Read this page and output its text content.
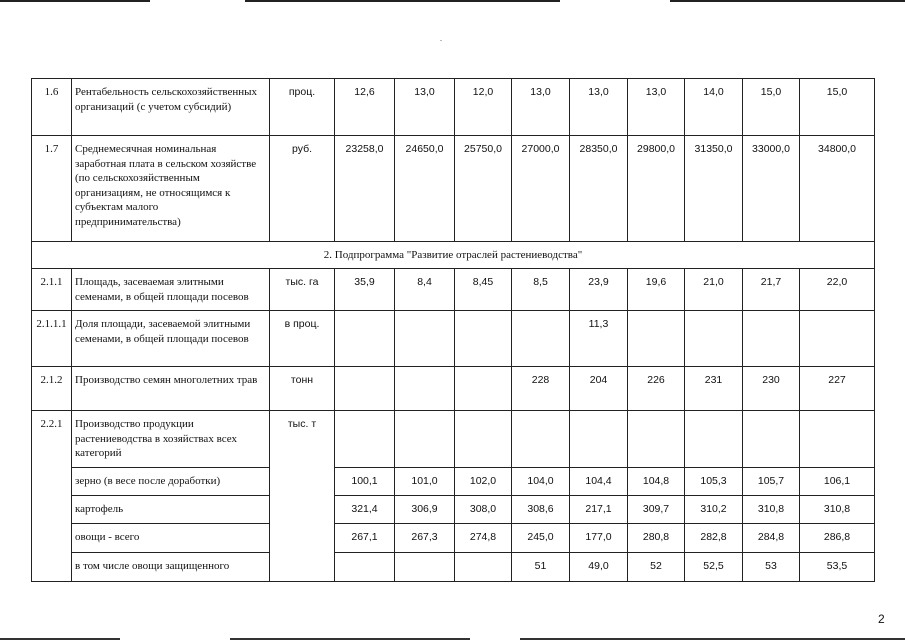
1.6	Рентабельность сельскохозяйственных организаций (с учетом субсидий)	проц.	12,6	13,0	12,0	13,0	13,0	13,0	14,0	15,0	15,0
1.7	Среднемесячная номинальная заработная плата в сельском хозяйстве (по сельскохозяйственным организациям, не относящимся к субъектам малого предпринимательства)	руб.	23258,0	24650,0	25750,0	27000,0	28350,0	29800,0	31350,0	33000,0	34800,0
2. Подпрограмма "Развитие отраслей растениеводства"											
2.1.1	Площадь, засеваемая элитными семенами, в общей площади посевов	тыс. га	35,9	8,4	8,45	8,5	23,9	19,6	21,0	21,7	22,0
2.1.1.1	Доля площади, засеваемой элитными семенами, в общей площади посевов	в проц.					11,3				
2.1.2	Производство семян многолетних трав	тонн				228	204	226	231	230	227
2.2.1	Производство продукции растениеводства в хозяйствах всех категорий	тыс. т									
	зерно (в весе после доработки)		100,1	101,0	102,0	104,0	104,4	104,8	105,3	105,7	106,1
	картофель		321,4	306,9	308,0	308,6	217,1	309,7	310,2	310,8	310,8
	овощи - всего		267,1	267,3	274,8	245,0	177,0	280,8	282,8	284,8	286,8
	в том числе овощи защищенного					51	49,0	52	52,5	53	53,5
2
